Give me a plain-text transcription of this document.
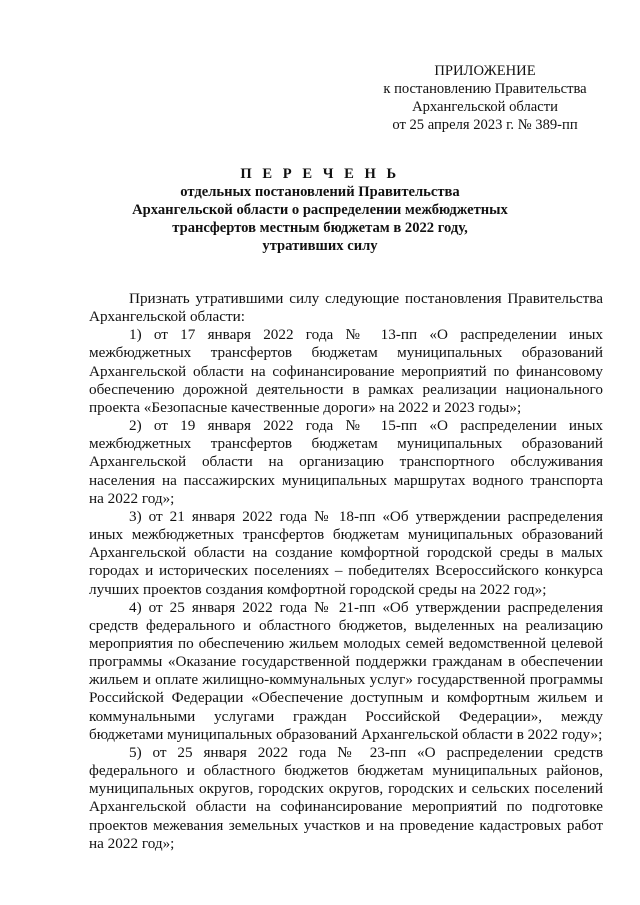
ПРИЛОЖЕНИЕ
к постановлению Правительства
Архангельской области
от 25 апреля 2023 г. № 389-пп
П Е Р Е Ч Е Н Ь
отдельных постановлений Правительства
Архангельской области о распределении межбюджетных
трансфертов местным бюджетам в 2022 году,
утративших силу

Признать утратившими силу следующие постановления Правительства Архангельской области:

1) от 17 января 2022 года № 13-пп «О распределении иных межбюджетных трансфертов бюджетам муниципальных образований Архангельской области на софинансирование мероприятий по финансовому обеспечению дорожной деятельности в рамках реализации национального проекта «Безопасные качественные дороги» на 2022 и 2023 годы»;

2) от 19 января 2022 года № 15-пп «О распределении иных межбюджетных трансфертов бюджетам муниципальных образований Архангельской области на организацию транспортного обслуживания населения на пассажирских муниципальных маршрутах водного транспорта на 2022 год»;

3) от 21 января 2022 года № 18-пп «Об утверждении распределения иных межбюджетных трансфертов бюджетам муниципальных образований Архангельской области на создание комфортной городской среды в малых городах и исторических поселениях – победителях Всероссийского конкурса лучших проектов создания комфортной городской среды на 2022 год»;

4) от 25 января 2022 года № 21-пп «Об утверждении распределения средств федерального и областного бюджетов, выделенных на реализацию мероприятия по обеспечению жильем молодых семей ведомственной целевой программы «Оказание государственной поддержки гражданам в обеспечении жильем и оплате жилищно-коммунальных услуг» государственной программы Российской Федерации «Обеспечение доступным и комфортным жильем и коммунальными услугами граждан Российской Федерации», между бюджетами муниципальных образований Архангельской области в 2022 году»;

5) от 25 января 2022 года № 23-пп «О распределении средств федерального и областного бюджетов бюджетам муниципальных районов, муниципальных округов, городских округов, городских и сельских поселений Архангельской области на софинансирование мероприятий по подготовке проектов межевания земельных участков и на проведение кадастровых работ на 2022 год»;
